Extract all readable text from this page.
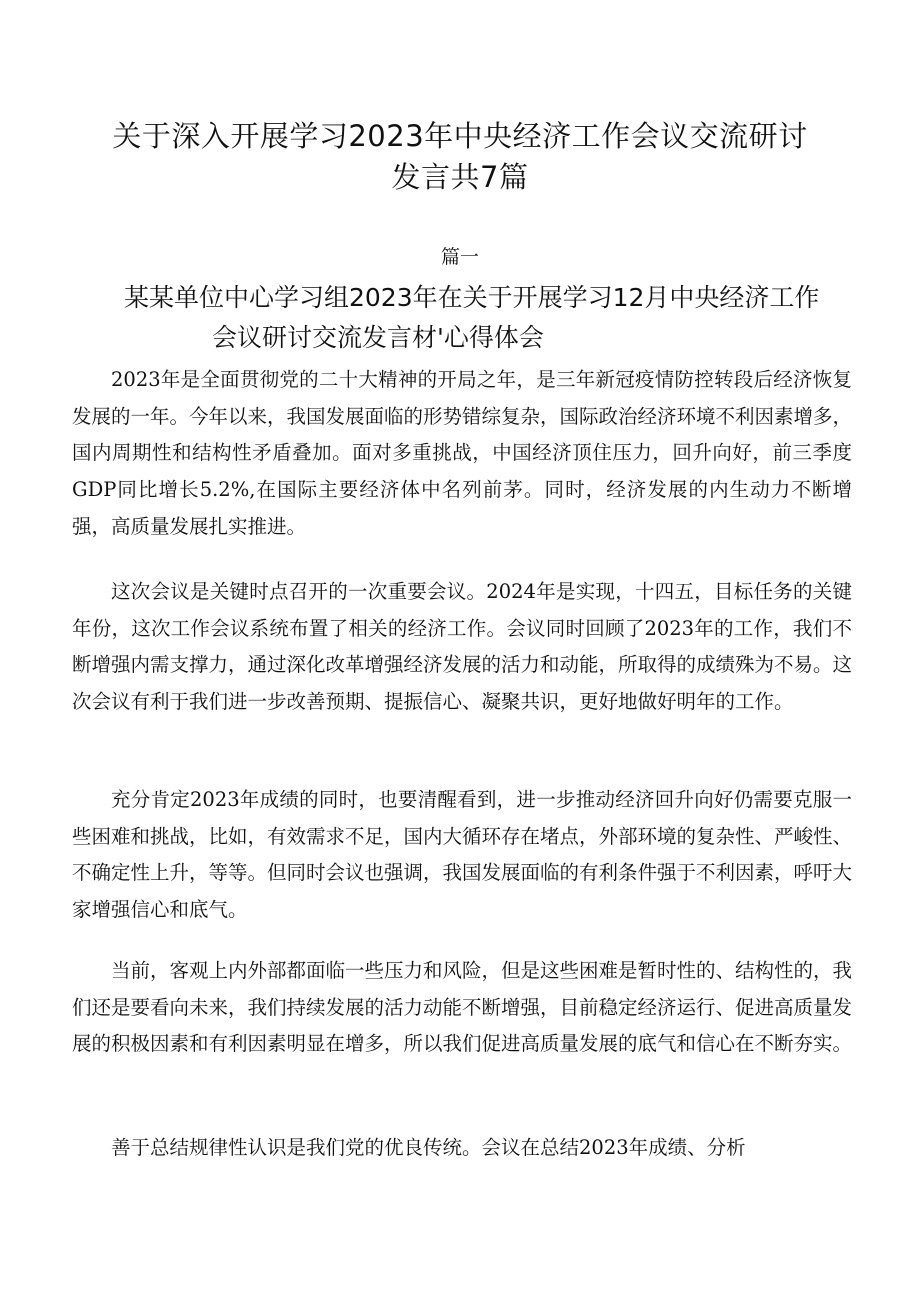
关于深入开展学习2023年中央经济工作会议交流研讨
发言共7篇
篇一
某某单位中心学习组2023年在关于开展学习12月中央经济工作
会议研讨交流发言材'心得体会

2023年是全面贯彻党的二十大精神的开局之年，是三年新冠疫情防控转段后经济恢复发展的一年。今年以来，我国发展面临的形势错综复杂，国际政治经济环境不利因素增多，国内周期性和结构性矛盾叠加。面对多重挑战，中国经济顶住压力，回升向好，前三季度GDP同比增长5.2%,在国际主要经济体中名列前茅。同时，经济发展的内生动力不断增强，高质量发展扎实推进。

这次会议是关键时点召开的一次重要会议。2024年是实现，十四五，目标任务的关键年份，这次工作会议系统布置了相关的经济工作。会议同时回顾了2023年的工作，我们不断增强内需支撑力，通过深化改革增强经济发展的活力和动能，所取得的成绩殊为不易。这次会议有利于我们进一步改善预期、提振信心、凝聚共识，更好地做好明年的工作。

充分肯定2023年成绩的同时，也要清醒看到，进一步推动经济回升向好仍需要克服一些困难和挑战，比如，有效需求不足，国内大循环存在堵点，外部环境的复杂性、严峻性、不确定性上升，等等。但同时会议也强调，我国发展面临的有利条件强于不利因素，呼吁大家增强信心和底气。

当前，客观上内外部都面临一些压力和风险，但是这些困难是暂时性的、结构性的，我们还是要看向未来，我们持续发展的活力动能不断增强，目前稳定经济运行、促进高质量发展的积极因素和有利因素明显在增多，所以我们促进高质量发展的底气和信心在不断夯实。

善于总结规律性认识是我们党的优良传统。会议在总结2023年成绩、分析
